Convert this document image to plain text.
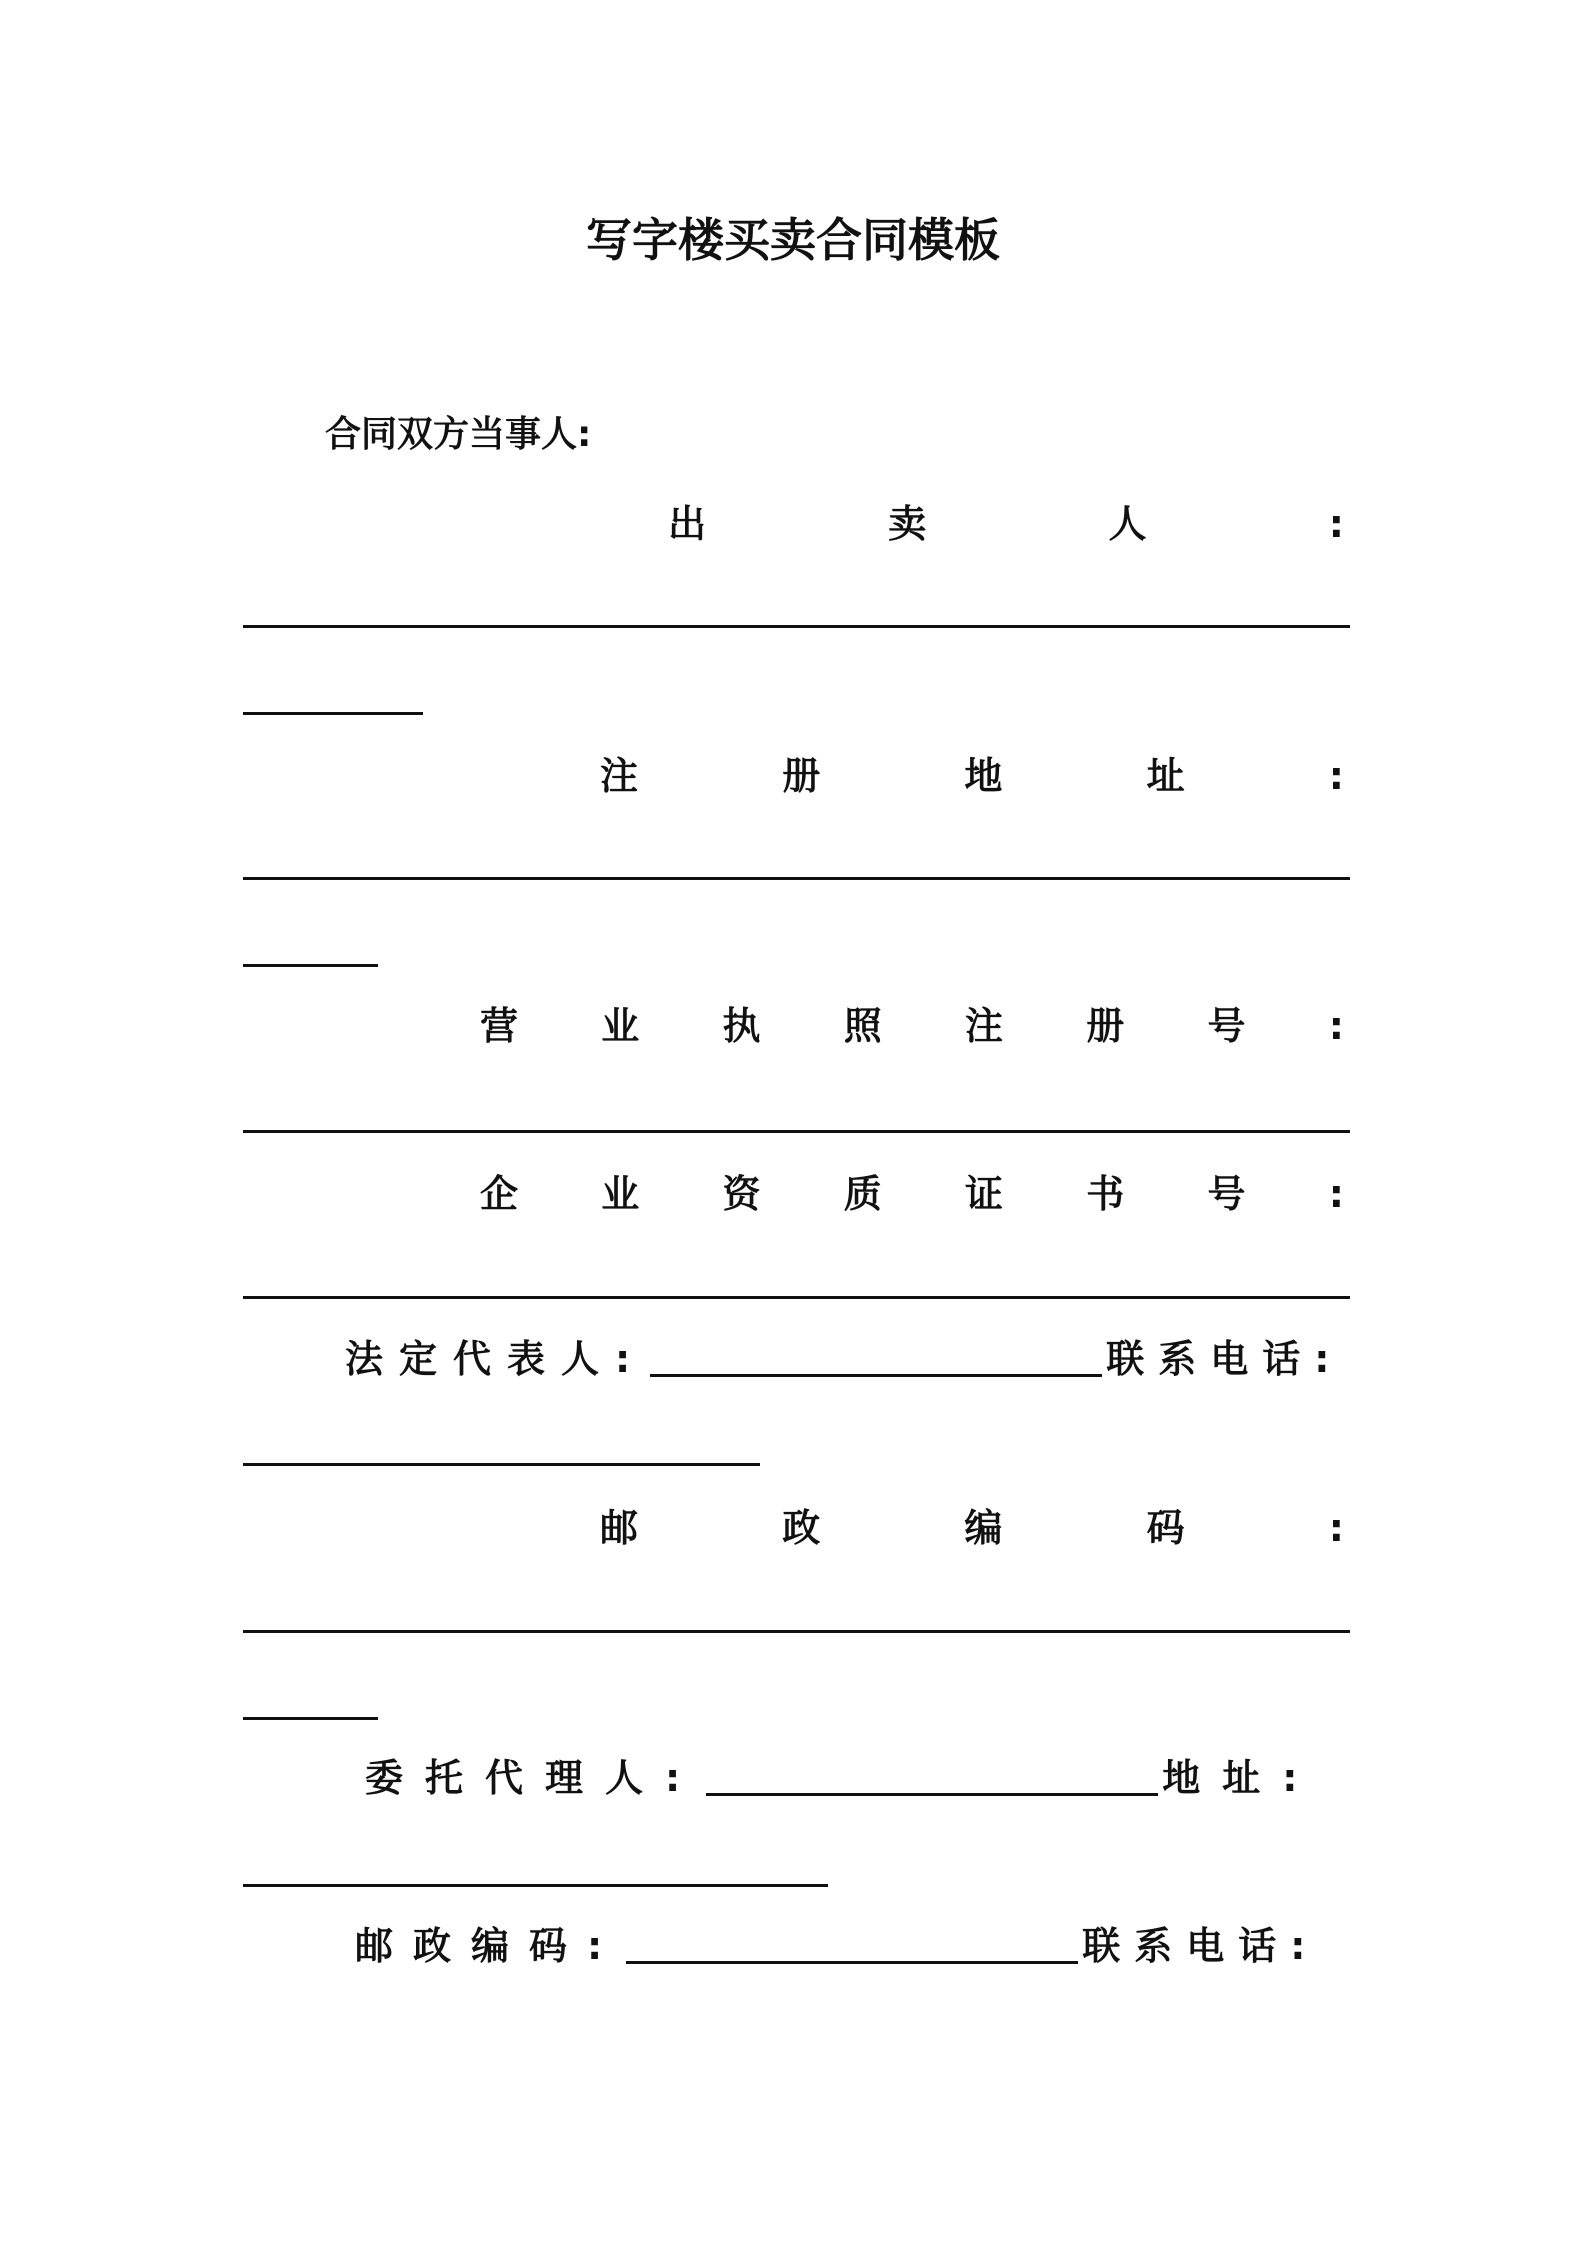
写字楼买卖合同模板
合同双方当事人:
出	卖	人	:
注	册	地	址	:
营 业 执 照 注 册 号 :
企 业 资 质 证 书 号 :
法定代表人:	联系电话:
邮	政	编	码	:
委托代理人:	地址:
邮政编码:	联系电话:
